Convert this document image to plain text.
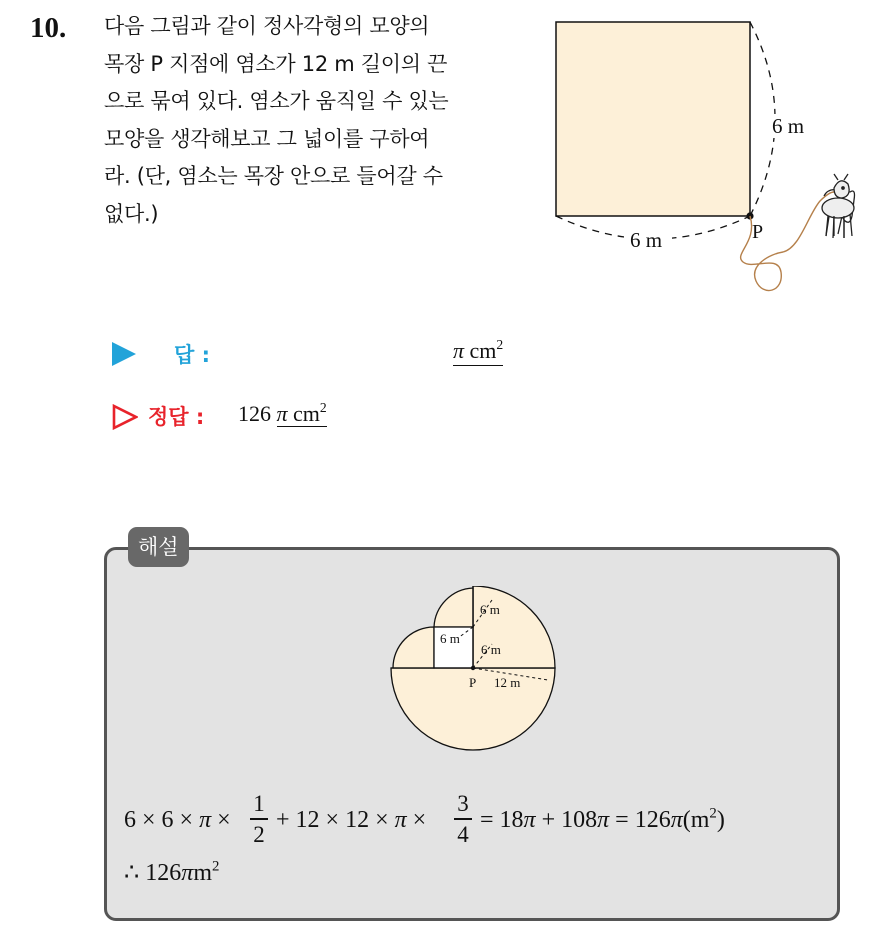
10. 다음 그림과 같이 정사각형의 모양의
목장 P 지점에 염소가 12 m 길이의 끈
으로 묶여 있다. 염소가 움직일 수 있는
모양을 생각해보고 그 넓이를 구하여
라. (단, 염소는 목장 안으로 들어갈 수
없다.)
6 m
6 m	P
답 :	π $cm^2$
정답 : 126 π $cm^2$
해설
6 m
6 m
6 m
12 m
P
6 × 6 × π ×
1
2
+ 12 × 12 × π ×
3
4
= $18\pi + 108\pi = 126\pi(m^2)$
∴ $126\pi m^2$
